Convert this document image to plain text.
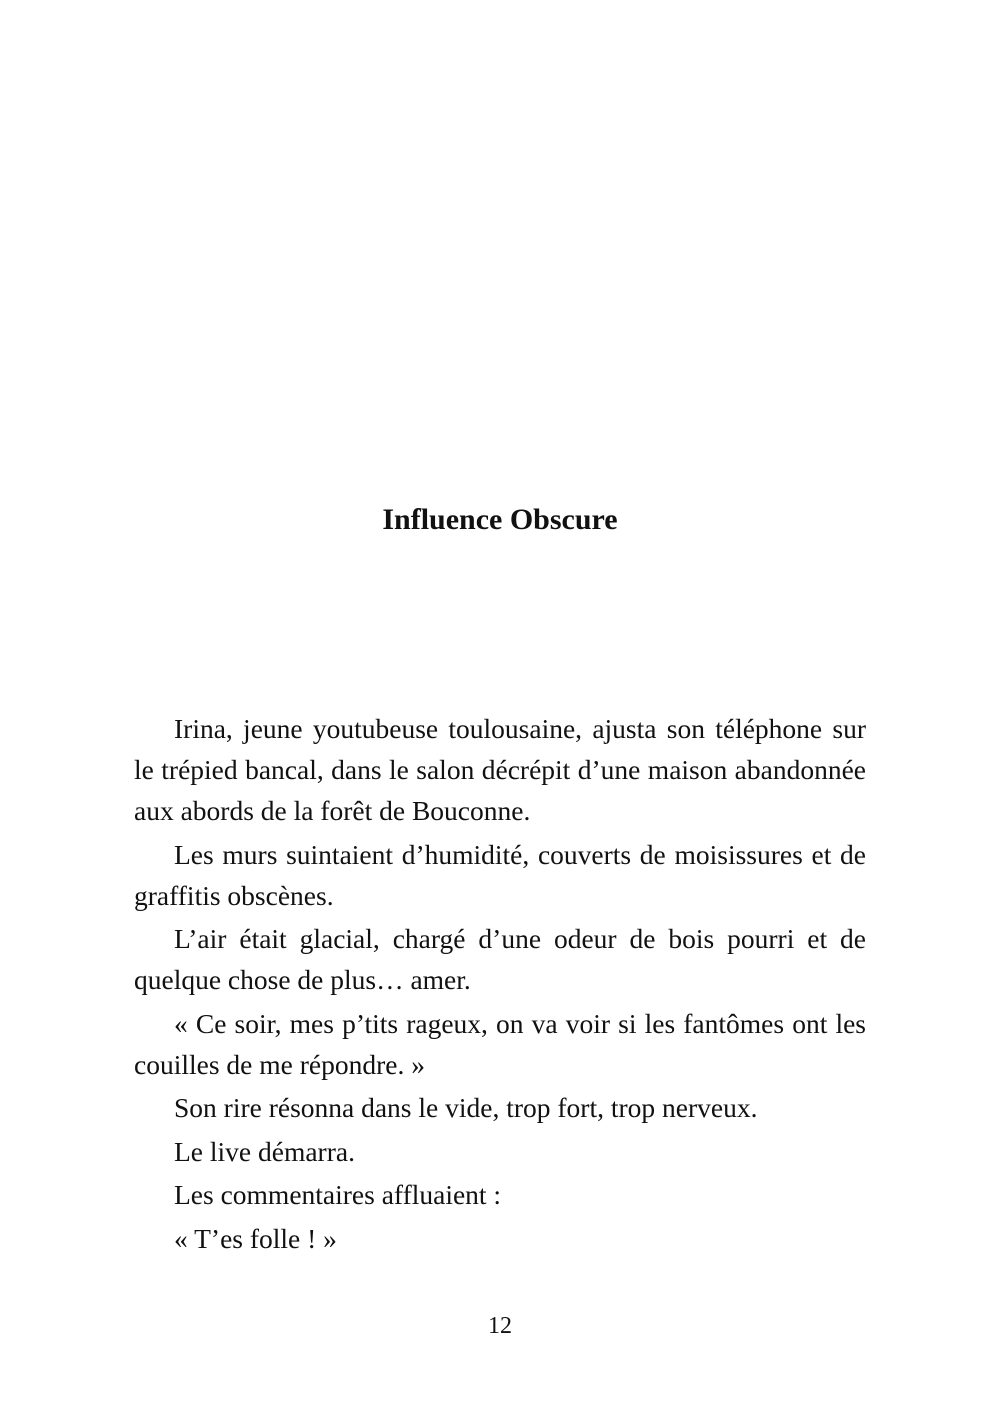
Influence Obscure

Irina, jeune youtubeuse toulousaine, ajusta son téléphone sur le trépied bancal, dans le salon décrépit d’une maison abandonnée aux abords de la forêt de Bouconne.

Les murs suintaient d’humidité, couverts de moisissures et de graffitis obscènes.

L’air était glacial, chargé d’une odeur de bois pourri et de quelque chose de plus… amer.

« Ce soir, mes p’tits rageux, on va voir si les fantômes ont les couilles de me répondre. »

Son rire résonna dans le vide, trop fort, trop nerveux.

Le live démarra.

Les commentaires affluaient :

« T’es folle ! »

12
